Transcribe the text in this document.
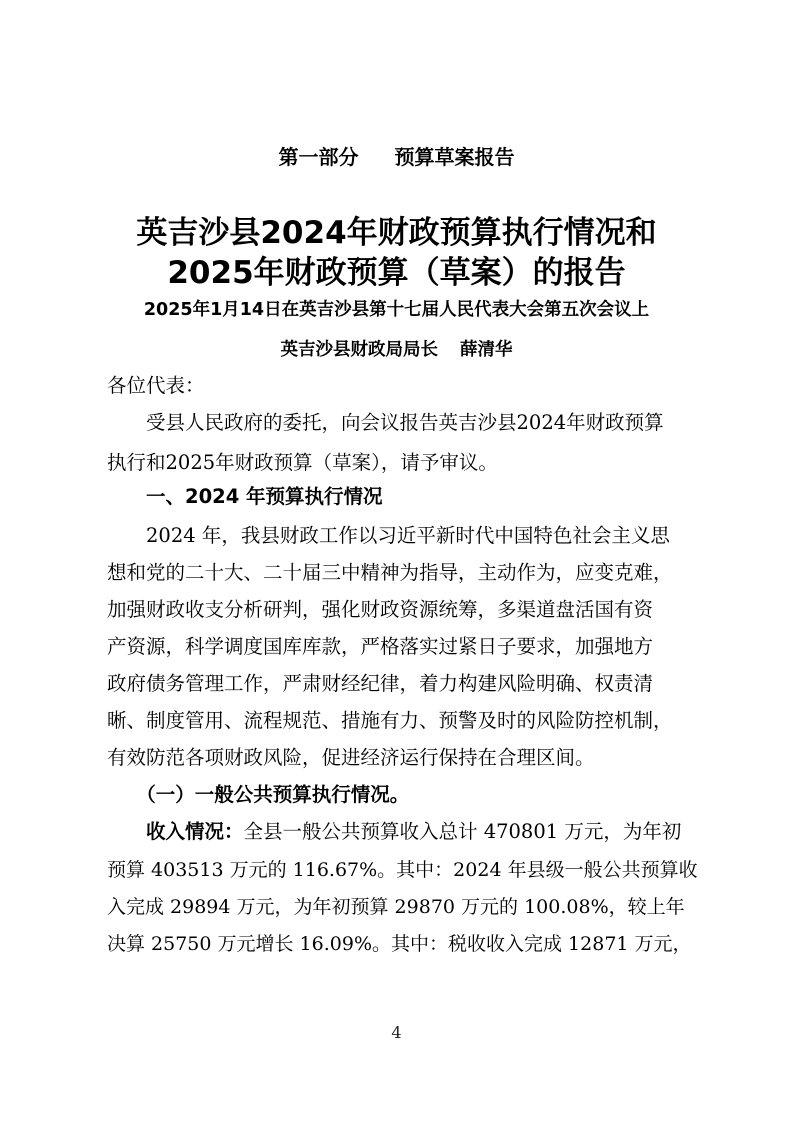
第一部分 预算草案报告
英吉沙县2024年财政预算执行情况和
2025年财政预算（草案）的报告
2025年1月14日在英吉沙县第十七届人民代表大会第五次会议上
英吉沙县财政局局长 薛清华
各位代表：
　　受县人民政府的委托，向会议报告英吉沙县2024年财政预算
执行和2025年财政预算（草案），请予审议。
　　一、2024 年预算执行情况
　　2024 年，我县财政工作以习近平新时代中国特色社会主义思
想和党的二十大、二十届三中精神为指导，主动作为，应变克难，
加强财政收支分析研判，强化财政资源统筹，多渠道盘活国有资
产资源，科学调度国库库款，严格落实过紧日子要求，加强地方
政府债务管理工作，严肃财经纪律，着力构建风险明确、权责清
晰、制度管用、流程规范、措施有力、预警及时的风险防控机制，
有效防范各项财政风险，促进经济运行保持在合理区间。
　　（一）一般公共预算执行情况。
收入情况：全县一般公共预算收入总计 470801 万元，为年初
预算 403513 万元的 116.67%。其中：2024 年县级一般公共预算收
入完成 29894 万元，为年初预算 29870 万元的 100.08%，较上年
决算 25750 万元增长 16.09%。其中：税收收入完成 12871 万元，
4
